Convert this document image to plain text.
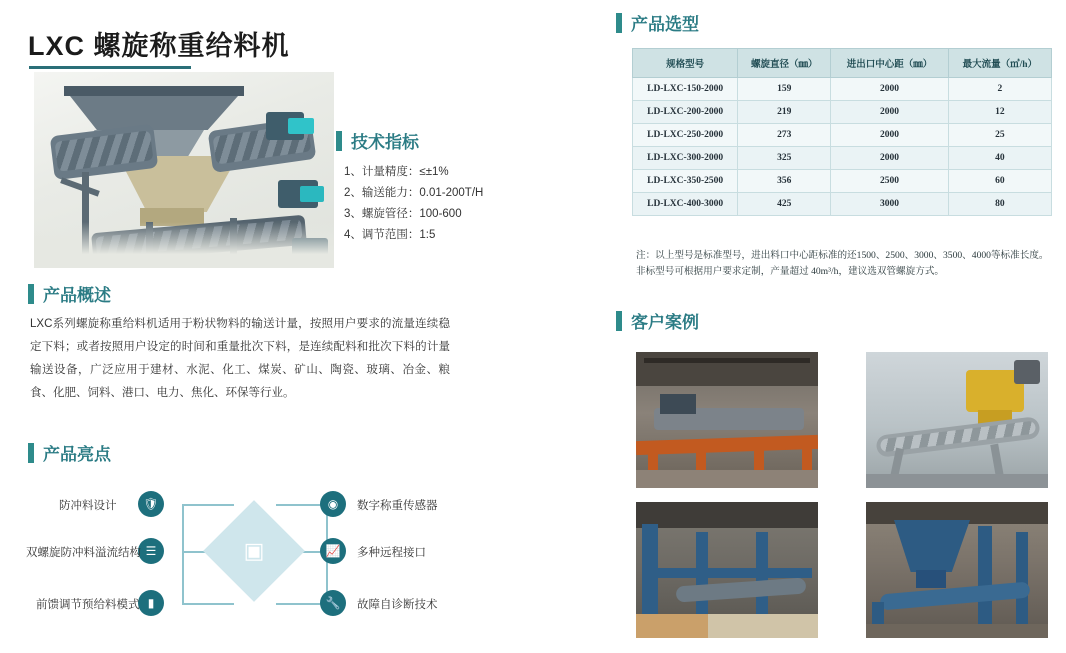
LXC 螺旋称重给料机
技术指标
1、计量精度：≤±1%
2、输送能力：0.01-200T/H
3、螺旋管径：100-600
4、调节范围：1:5
产品概述
LXC系列螺旋称重给料机适用于粉状物料的输送计量，按照用户要求的流量连续稳定下料；或者按照用户设定的时间和重量批次下料，是连续配料和批次下料的计量输送设备，广泛应用于建材、水泥、化工、煤炭、矿山、陶瓷、玻璃、冶金、粮食、化肥、饲料、港口、电力、焦化、环保等行业。
产品亮点
▣
🛡
防冲料设计
☰
双螺旋防冲料溢流结构
▮
前馈调节预给料模式
◉	数字称重传感器
📈	多种远程接口
🔧	故障自诊断技术
产品选型
规格型号	螺旋直径（㎜）	进出口中心距（㎜）	最大流量（㎥/h）
LD-LXC-150-2000	159	2000	2
LD-LXC-200-2000	219	2000	12
LD-LXC-250-2000	273	2000	25
LD-LXC-300-2000	325	2000	40
LD-LXC-350-2500	356	2500	60
LD-LXC-400-3000	425	3000	80
注：以上型号是标准型号，进出料口中心距标准的还1500、2500、3000、3500、4000等标准长度。非标型号可根据用户要求定制，产量超过 40m³/h，建议选双管螺旋方式。
客户案例
